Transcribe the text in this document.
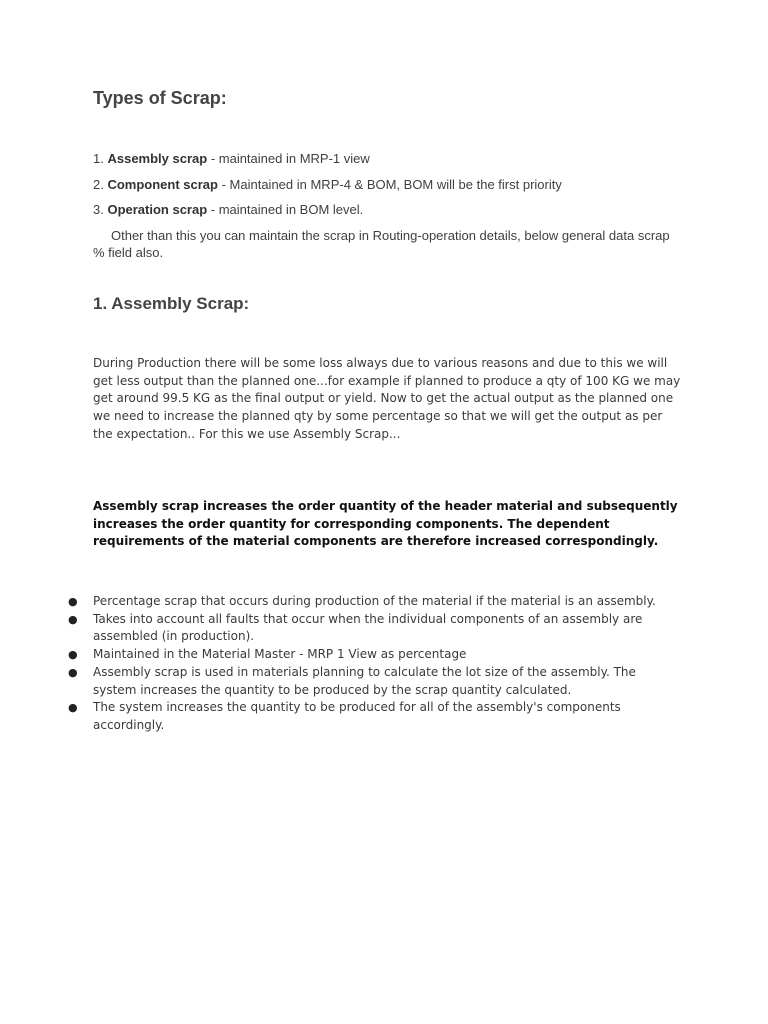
Types of Scrap:
1. Assembly scrap - maintained in MRP-1 view
2. Component scrap - Maintained in MRP-4 & BOM, BOM will be the first priority
3. Operation scrap - maintained in BOM level.
Other than this you can maintain the scrap in Routing-operation details, below general data scrap % field also.
1. Assembly Scrap:
During Production there will be some loss always due to various reasons and due to this we will get less output than the planned one...for example if planned to produce a qty of 100 KG we may get around 99.5 KG as the final output or yield. Now to get the actual output as the planned one we need to increase the planned qty by some percentage so that we will get the output as per the expectation.. For this we use Assembly Scrap...
Assembly scrap increases the order quantity of the header material and subsequently increases the order quantity for corresponding components. The dependent requirements of the material components are therefore increased correspondingly.
● Percentage scrap that occurs during production of the material if the material is an assembly.
● Takes into account all faults that occur when the individual components of an assembly are assembled (in production).
● Maintained in the Material Master - MRP 1 View as percentage
● Assembly scrap is used in materials planning to calculate the lot size of the assembly. The system increases the quantity to be produced by the scrap quantity calculated.
● The system increases the quantity to be produced for all of the assembly's components accordingly.
